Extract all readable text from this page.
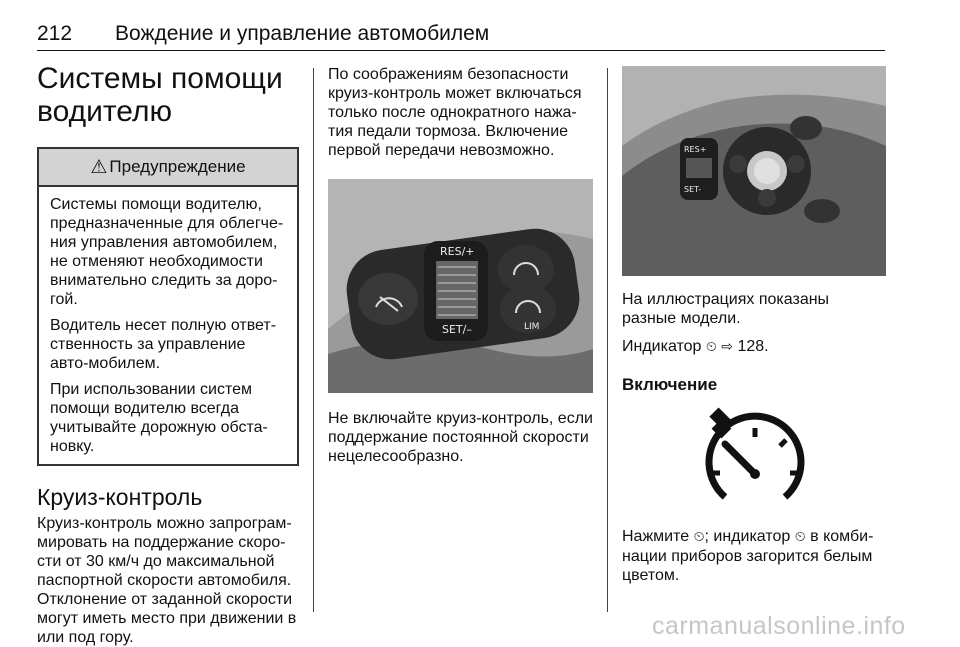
212 Вождение и управление автомобилем
Системы помощи
водителю
⚠ Предупреждение

Системы помощи водителю, предназначенные для облегче-ния управления автомобилем, не отменяют необходимости внимательно следить за доро-гой.

Водитель несет полную ответ-ственность за управление авто-мобилем.

При использовании систем помощи водителю всегда учитывайте дорожную обста-новку.

Круиз-контроль

Круиз-контроль можно запрограм-мировать на поддержание скоро-сти от 30 км/ч до максимальной паспортной скорости автомобиля. Отклонение от заданной скорости могут иметь место при движении в или под гору.

По соображениям безопасности круиз-контроль может включаться только после однократного нажа-тия педали тормоза. Включение первой передачи невозможно.

RES/+
SET/–	LIM

Не включайте круиз-контроль, если поддержание постоянной скорости нецелесообразно.

RES+
SET-

На иллюстрациях показаны разные модели.

Индикатор ⏲ ⇨ 128.

Включение

Нажмите ⏲; индикатор ⏲ в комби-нации приборов загорится белым цветом.

carmanualsonline.info
